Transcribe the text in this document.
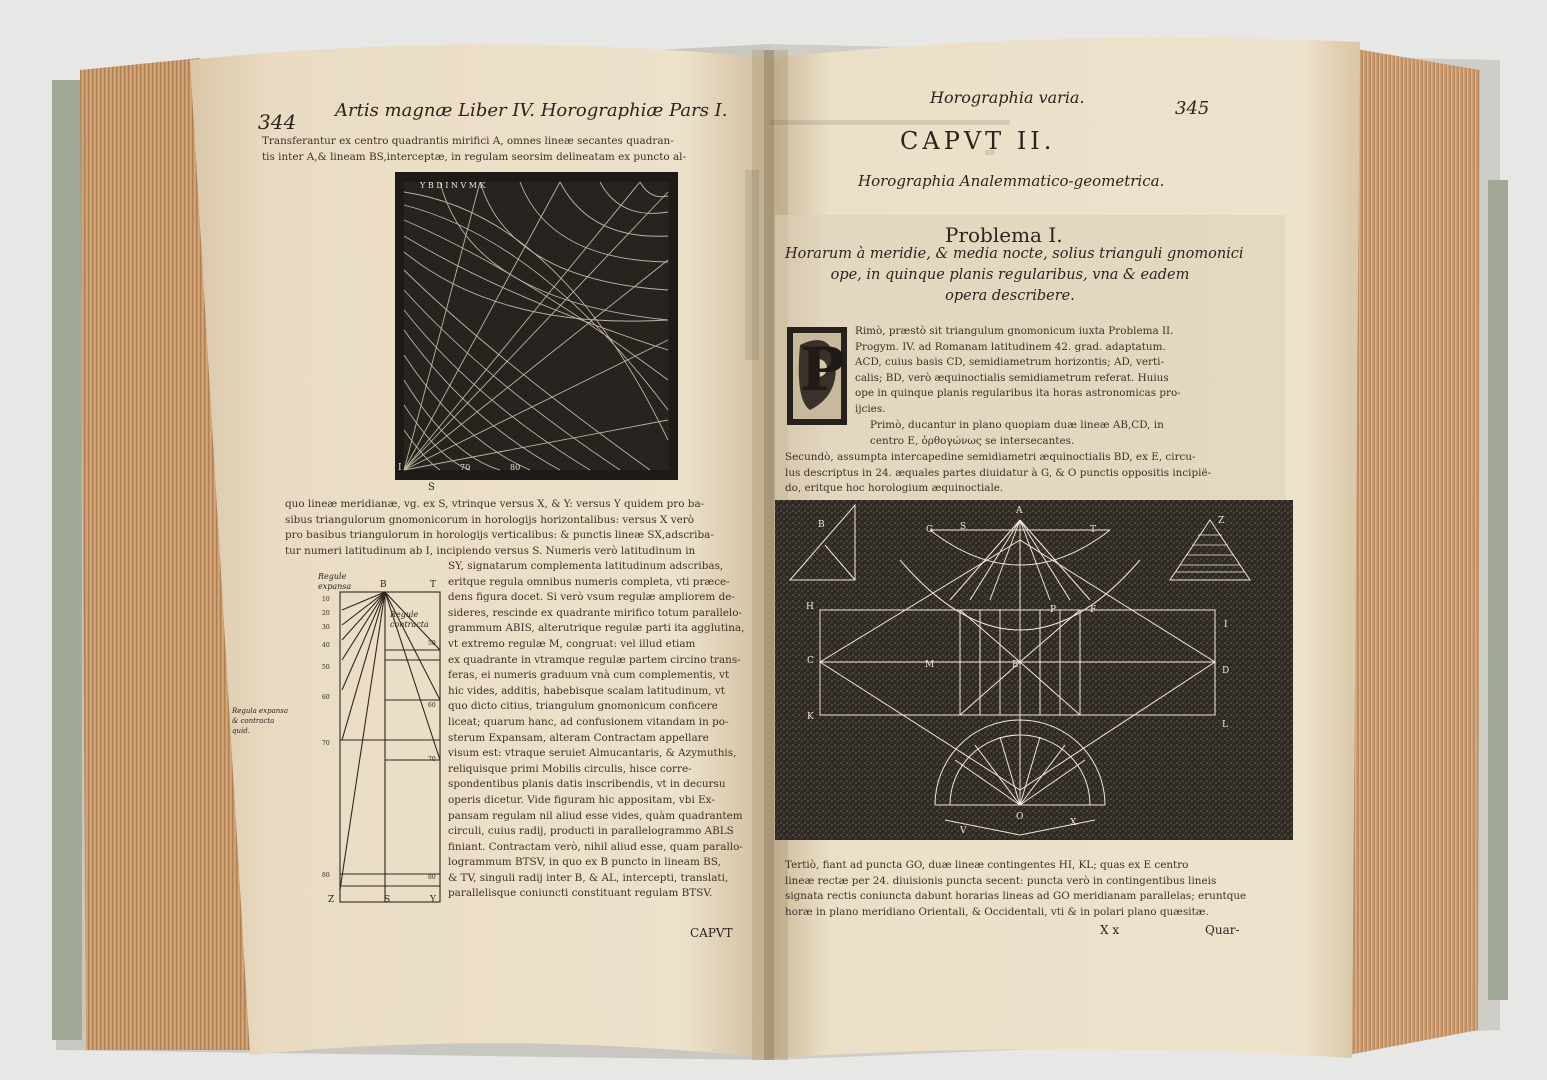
344 Artis magnæ Liber IV. Horographiæ Pars I.
Transferantur ex centro quadrantis mirifici A, omnes lineæ secantes quadran-
tis inter A,& lineam BS,interceptæ, in regulam seorsim delineatam ex puncto al-
Y B D I N V M K
A C E G K O R
I
S
70	80
quo lineæ meridianæ, vg. ex S, vtrinque versus X, & Y: versus Y quidem pro ba-
sibus triangulorum gnomonicorum in horologijs horizontalibus: versus X verò
pro basibus triangulorum in horologijs verticalibus: & punctis lineæ SX,adscriba-
tur numeri latitudinum ab I, incipiendo versus S. Numeris verò latitudinum in
SY, signatarum complementa latitudinum adscribas,
eritque regula omnibus numeris completa, vti præce-
dens figura docet. Si verò vsum regulæ ampliorem de-
sideres, rescinde ex quadrante mirifico totum parallelo-
grammum ABIS, alterutrique regulæ parti ita agglutina,
vt extremo regulæ M, congruat: vel illud etiam
ex quadrante in vtramque regulæ partem circino trans-
feras, ei numeris graduum vnà cum complementis, vt
hic vides, additis, habebisque scalam latitudinum, vt
quo dicto citius, triangulum gnomonicum conficere
liceat; quarum hanc, ad confusionem vitandam in po-
sterum Expansam, alteram Contractam appellare
visum est: vtraque seruiet Almucantaris, & Azymuthis,
reliquisque primi Mobilis circulis, hisce corre-
spondentibus planis datis inscribendis, vt in decursu
operis dicetur. Vide figuram hic appositam, vbi Ex-
pansam regulam nil aliud esse vides, quàm quadrantem
circuli, cuius radij, producti in parallelogrammo ABLS
finiant. Contractam verò, nihil aliud esse, quam parallo-
logrammum BTSV, in quo ex B puncto in lineam BS,
& TV, singuli radij inter B, & AL, intercepti, translati,
parallelisque coniuncti constituant regulam BTSV.
Regule expansa
Regule contracta
B	T
Z	S	Y
10
20
30
40
50
60
70
80
50
60
70
80
Regula expansa
& contracta
quid.
CAPVT
Horographia varia.
345
CAPVT II.
Horographia Analemmatico-geometrica.
Problema I.
Horarum à meridie, & media nocte, solius trianguli gnomonici
ope, in quinque planis regularibus, vna & eadem
opera describere.
P
Rimò, præstò sit triangulum gnomonicum iuxta Problema II.
Progym. IV. ad Romanam latitudinem 42. grad. adaptatum.
ACD, cuius basis CD, semidiametrum horizontis; AD, verti-
calis; BD, verò æquinoctialis semidiametrum referat. Huius
ope in quinque planis regularibus ita horas astronomicas pro-
ijcies.
Primò, ducantur in plano quopiam duæ lineæ AB,CD, in
centro E, ὀρθογώνως se intersecantes.
Secundò, assumpta intercapedine semidiametri æquinoctialis BD, ex E, circu-
lus descriptus in 24. æquales partes diuidatur à G, & O punctis oppositis incipië-
do, eritque hoc horologium æquinoctiale.
A
B
C
D
E
F
G
H
I
K
L
M
O
P
S	T
V
X
Z
Tertiò, fiant ad puncta GO, duæ lineæ contingentes HI, KL; quas ex E centro
lineæ rectæ per 24. diuisionis puncta secent: puncta verò in contingentibus lineis
signata rectis coniuncta dabunt horarias lineas ad GO meridianam parallelas; eruntque
horæ in plano meridiano Orientali, & Occidentali, vti & in polari plano quæsitæ.
X x	Quar-
